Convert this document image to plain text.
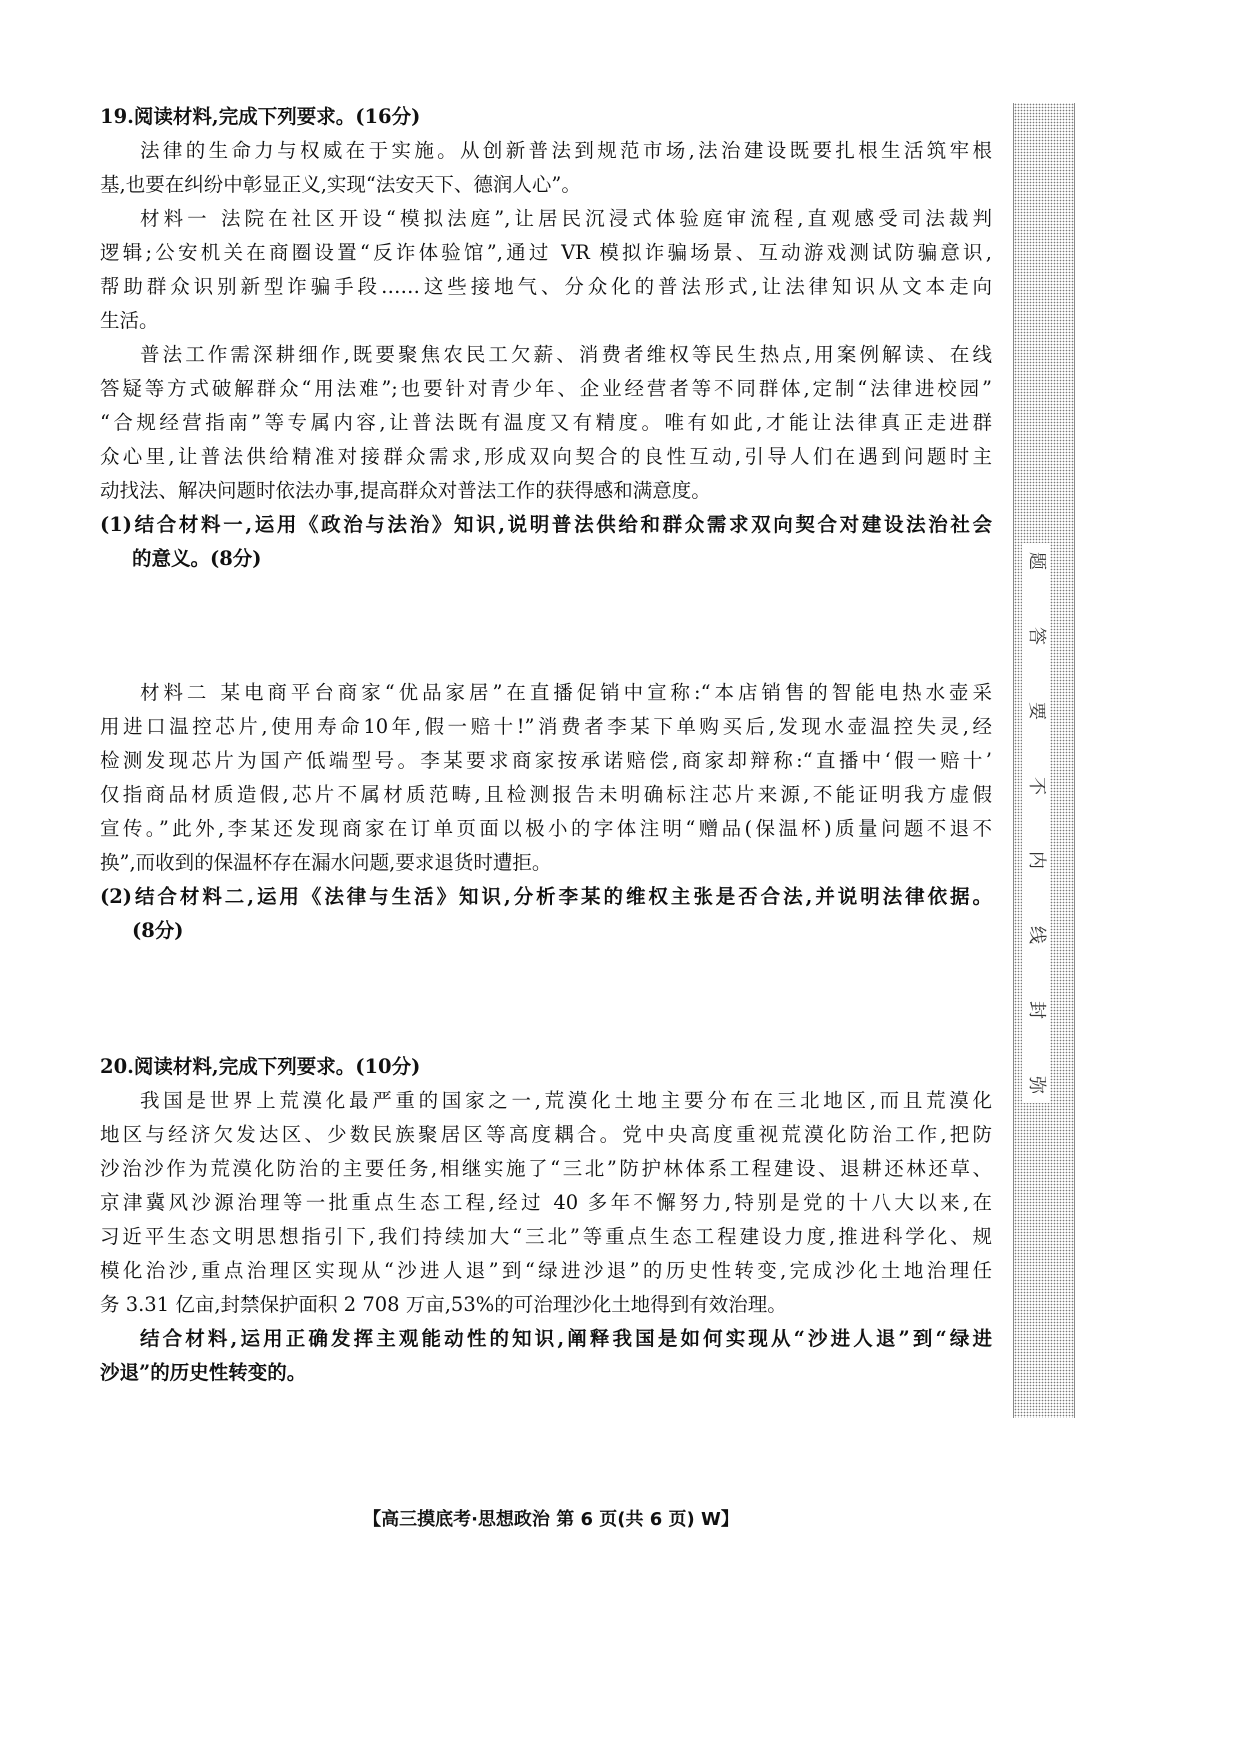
19.阅读材料,完成下列要求。(16分)
法律的生命力与权威在于实施。从创新普法到规范市场,法治建设既要扎根生活筑牢根
基,也要在纠纷中彰显正义,实现“法安天下、德润人心”。
材料一 法院在社区开设“模拟法庭”,让居民沉浸式体验庭审流程,直观感受司法裁判
逻辑;公安机关在商圈设置“反诈体验馆”,通过 VR 模拟诈骗场景、互动游戏测试防骗意识,
帮助群众识别新型诈骗手段……这些接地气、分众化的普法形式,让法律知识从文本走向
生活。
普法工作需深耕细作,既要聚焦农民工欠薪、消费者维权等民生热点,用案例解读、在线
答疑等方式破解群众“用法难”;也要针对青少年、企业经营者等不同群体,定制“法律进校园”
“合规经营指南”等专属内容,让普法既有温度又有精度。唯有如此,才能让法律真正走进群
众心里,让普法供给精准对接群众需求,形成双向契合的良性互动,引导人们在遇到问题时主
动找法、解决问题时依法办事,提高群众对普法工作的获得感和满意度。
(1)结合材料一,运用《政治与法治》知识,说明普法供给和群众需求双向契合对建设法治社会
的意义。(8分)
材料二 某电商平台商家“优品家居”在直播促销中宣称:“本店销售的智能电热水壶采
用进口温控芯片,使用寿命10年,假一赔十!”消费者李某下单购买后,发现水壶温控失灵,经
检测发现芯片为国产低端型号。李某要求商家按承诺赔偿,商家却辩称:“直播中‘假一赔十’
仅指商品材质造假,芯片不属材质范畴,且检测报告未明确标注芯片来源,不能证明我方虚假
宣传。”此外,李某还发现商家在订单页面以极小的字体注明“赠品(保温杯)质量问题不退不
换”,而收到的保温杯存在漏水问题,要求退货时遭拒。
(2)结合材料二,运用《法律与生活》知识,分析李某的维权主张是否合法,并说明法律依据。
(8分)
20.阅读材料,完成下列要求。(10分)
我国是世界上荒漠化最严重的国家之一,荒漠化土地主要分布在三北地区,而且荒漠化
地区与经济欠发达区、少数民族聚居区等高度耦合。党中央高度重视荒漠化防治工作,把防
沙治沙作为荒漠化防治的主要任务,相继实施了“三北”防护林体系工程建设、退耕还林还草、
京津冀风沙源治理等一批重点生态工程,经过 40 多年不懈努力,特别是党的十八大以来,在
习近平生态文明思想指引下,我们持续加大“三北”等重点生态工程建设力度,推进科学化、规
模化治沙,重点治理区实现从“沙进人退”到“绿进沙退”的历史性转变,完成沙化土地治理任
务 3.31 亿亩,封禁保护面积 2 708 万亩,53%的可治理沙化土地得到有效治理。
结合材料,运用正确发挥主观能动性的知识,阐释我国是如何实现从“沙进人退”到“绿进
沙退”的历史性转变的。
题
答
要
不
内
线
封
弥
【高三摸底考·思想政治 第 6 页(共 6 页) W】
